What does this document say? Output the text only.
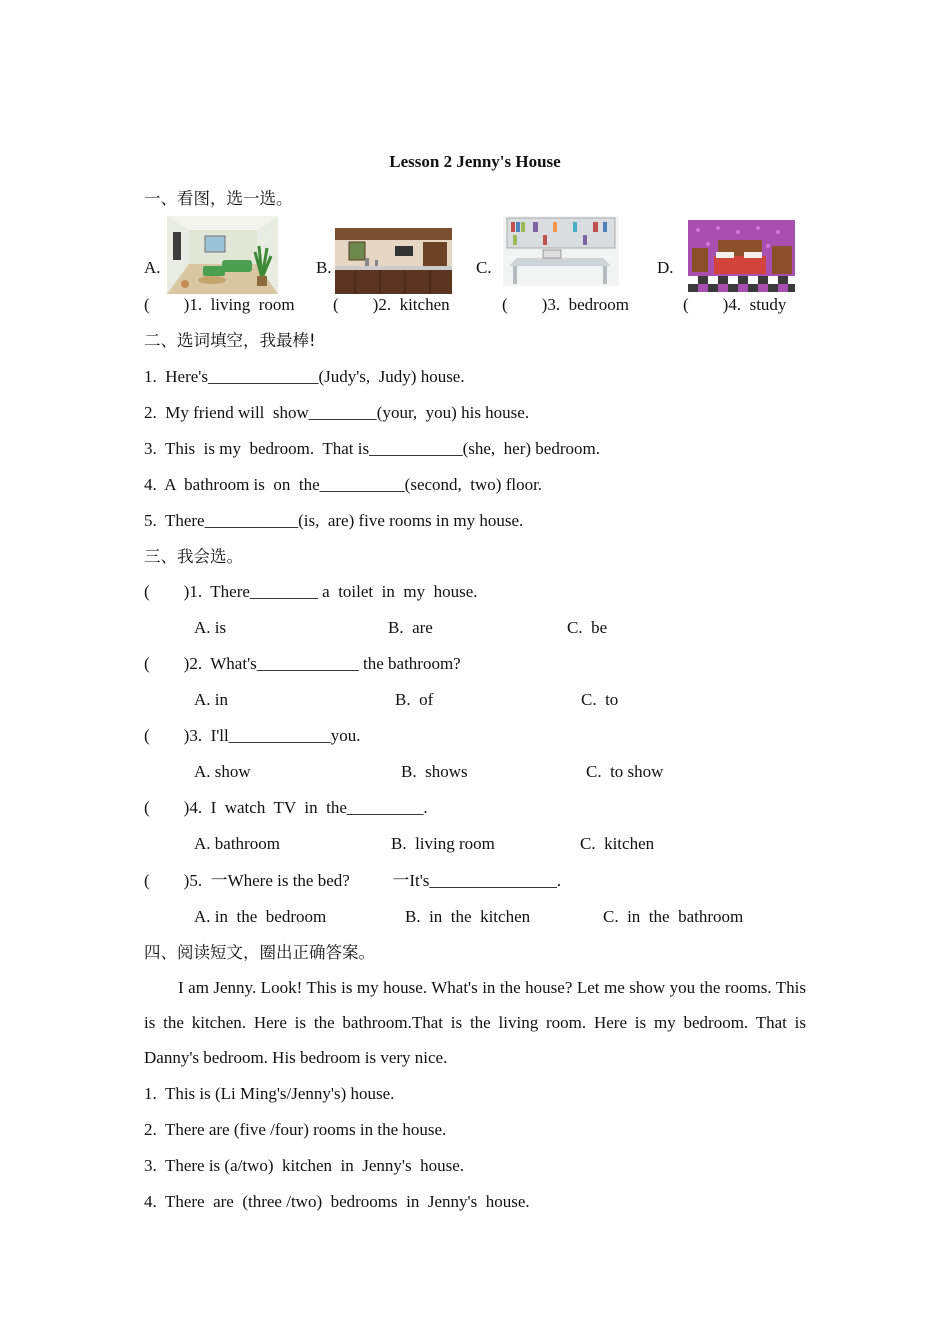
Lesson 2 Jenny's House
一、看图，选一选。
A.	B.	C.	D.
(        )1.  living  room (        )2.  kitchen	(        )3.  bedroom	(        )4.  study
二、选词填空，我最棒!
1.  Here's_____________(Judy's,  Judy) house.
2.  My friend will  show________(your,  you) his house.
3.  This  is my  bedroom.  That is___________(she,  her) bedroom.
4.  A  bathroom is  on  the__________(second,  two) floor.
5.  There___________(is,  are) five rooms in my house.
三、我会选。
(        )1.  There________ a  toilet  in  my  house.
A. is	B.  are	C.  be
(        )2.  What's____________ the bathroom?
A. in	B.  of	C.  to
(        )3.  I'll____________you.
A. show	B.  shows	C.  to show
(        )4.  I  watch  TV  in  the_________.
A. bathroom	B.  living room	C.  kitchen
(        )5.  一Where is the bed?          一It's_______________.
A. in  the  bedroom	B.  in  the  kitchen	C.  in  the  bathroom
四、阅读短文，圈出正确答案。
I am Jenny. Look! This is my house. What's in the house? Let me show you the rooms. This is the kitchen. Here is the bathroom.That is the living room. Here is my bedroom. That is Danny's bedroom. His bedroom is very nice.
1.  This is (Li Ming's/Jenny's) house.
2.  There are (five /four) rooms in the house.
3.  There is (a/two)  kitchen  in  Jenny's  house.
4.  There  are  (three /two)  bedrooms  in  Jenny's  house.
